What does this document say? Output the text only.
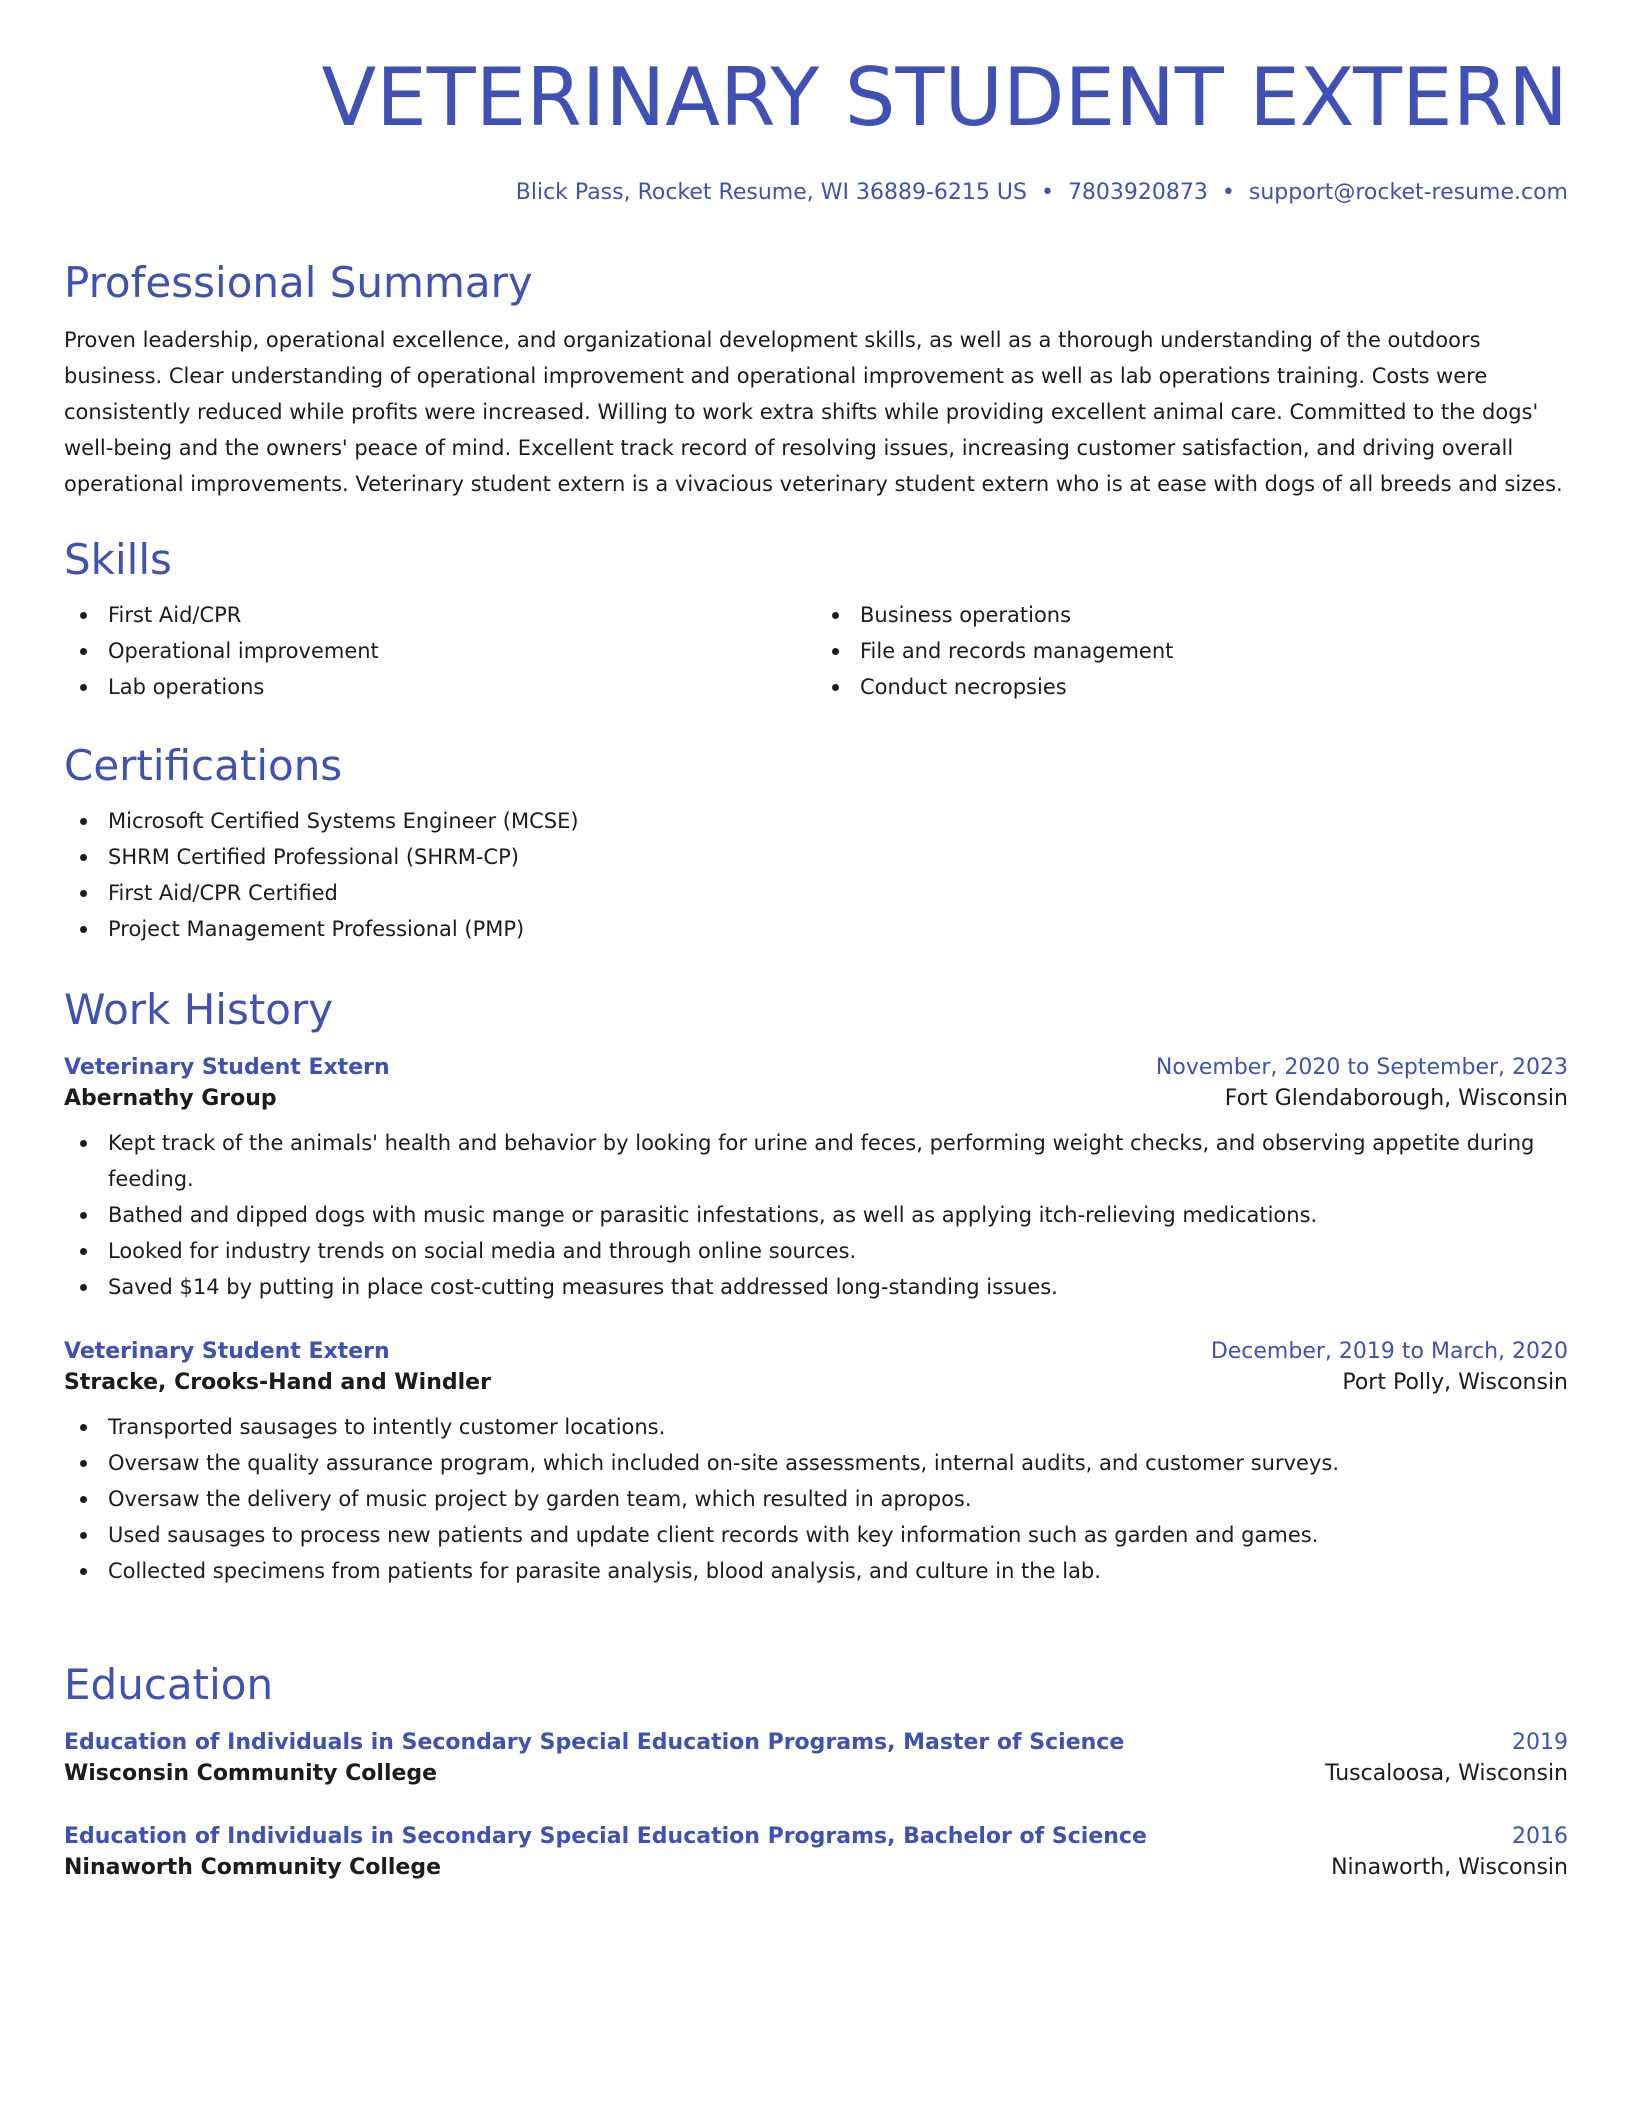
VETERINARY STUDENT EXTERN
Blick Pass, Rocket Resume, WI 36889-6215 US • 7803920873 • support@rocket-resume.com
Professional Summary

Proven leadership, operational excellence, and organizational development skills, as well as a thorough understanding of the outdoors business. Clear understanding of operational improvement and operational improvement as well as lab operations training. Costs were consistently reduced while profits were increased. Willing to work extra shifts while providing excellent animal care. Committed to the dogs' well-being and the owners' peace of mind. Excellent track record of resolving issues, increasing customer satisfaction, and driving overall operational improvements. Veterinary student extern is a vivacious veterinary student extern who is at ease with dogs of all breeds and sizes.

Skills
First Aid/CPR
Operational improvement
Lab operations
Business operations
File and records management
Conduct necropsies
Certifications
Microsoft Certified Systems Engineer (MCSE)
SHRM Certified Professional (SHRM-CP)
First Aid/CPR Certified
Project Management Professional (PMP)
Work History
Veterinary Student Extern	November, 2020 to September, 2023
Abernathy Group	Fort Glendaborough, Wisconsin
Kept track of the animals' health and behavior by looking for urine and feces, performing weight checks, and observing appetite during feeding.
Bathed and dipped dogs with music mange or parasitic infestations, as well as applying itch-relieving medications.
Looked for industry trends on social media and through online sources.
Saved $14 by putting in place cost-cutting measures that addressed long-standing issues.
Veterinary Student Extern	December, 2019 to March, 2020
Stracke, Crooks-Hand and Windler	Port Polly, Wisconsin
Transported sausages to intently customer locations.
Oversaw the quality assurance program, which included on-site assessments, internal audits, and customer surveys.
Oversaw the delivery of music project by garden team, which resulted in apropos.
Used sausages to process new patients and update client records with key information such as garden and games.
Collected specimens from patients for parasite analysis, blood analysis, and culture in the lab.
Education
Education of Individuals in Secondary Special Education Programs, Master of Science	2019
Wisconsin Community College	Tuscaloosa, Wisconsin
Education of Individuals in Secondary Special Education Programs, Bachelor of Science	2016
Ninaworth Community College	Ninaworth, Wisconsin
